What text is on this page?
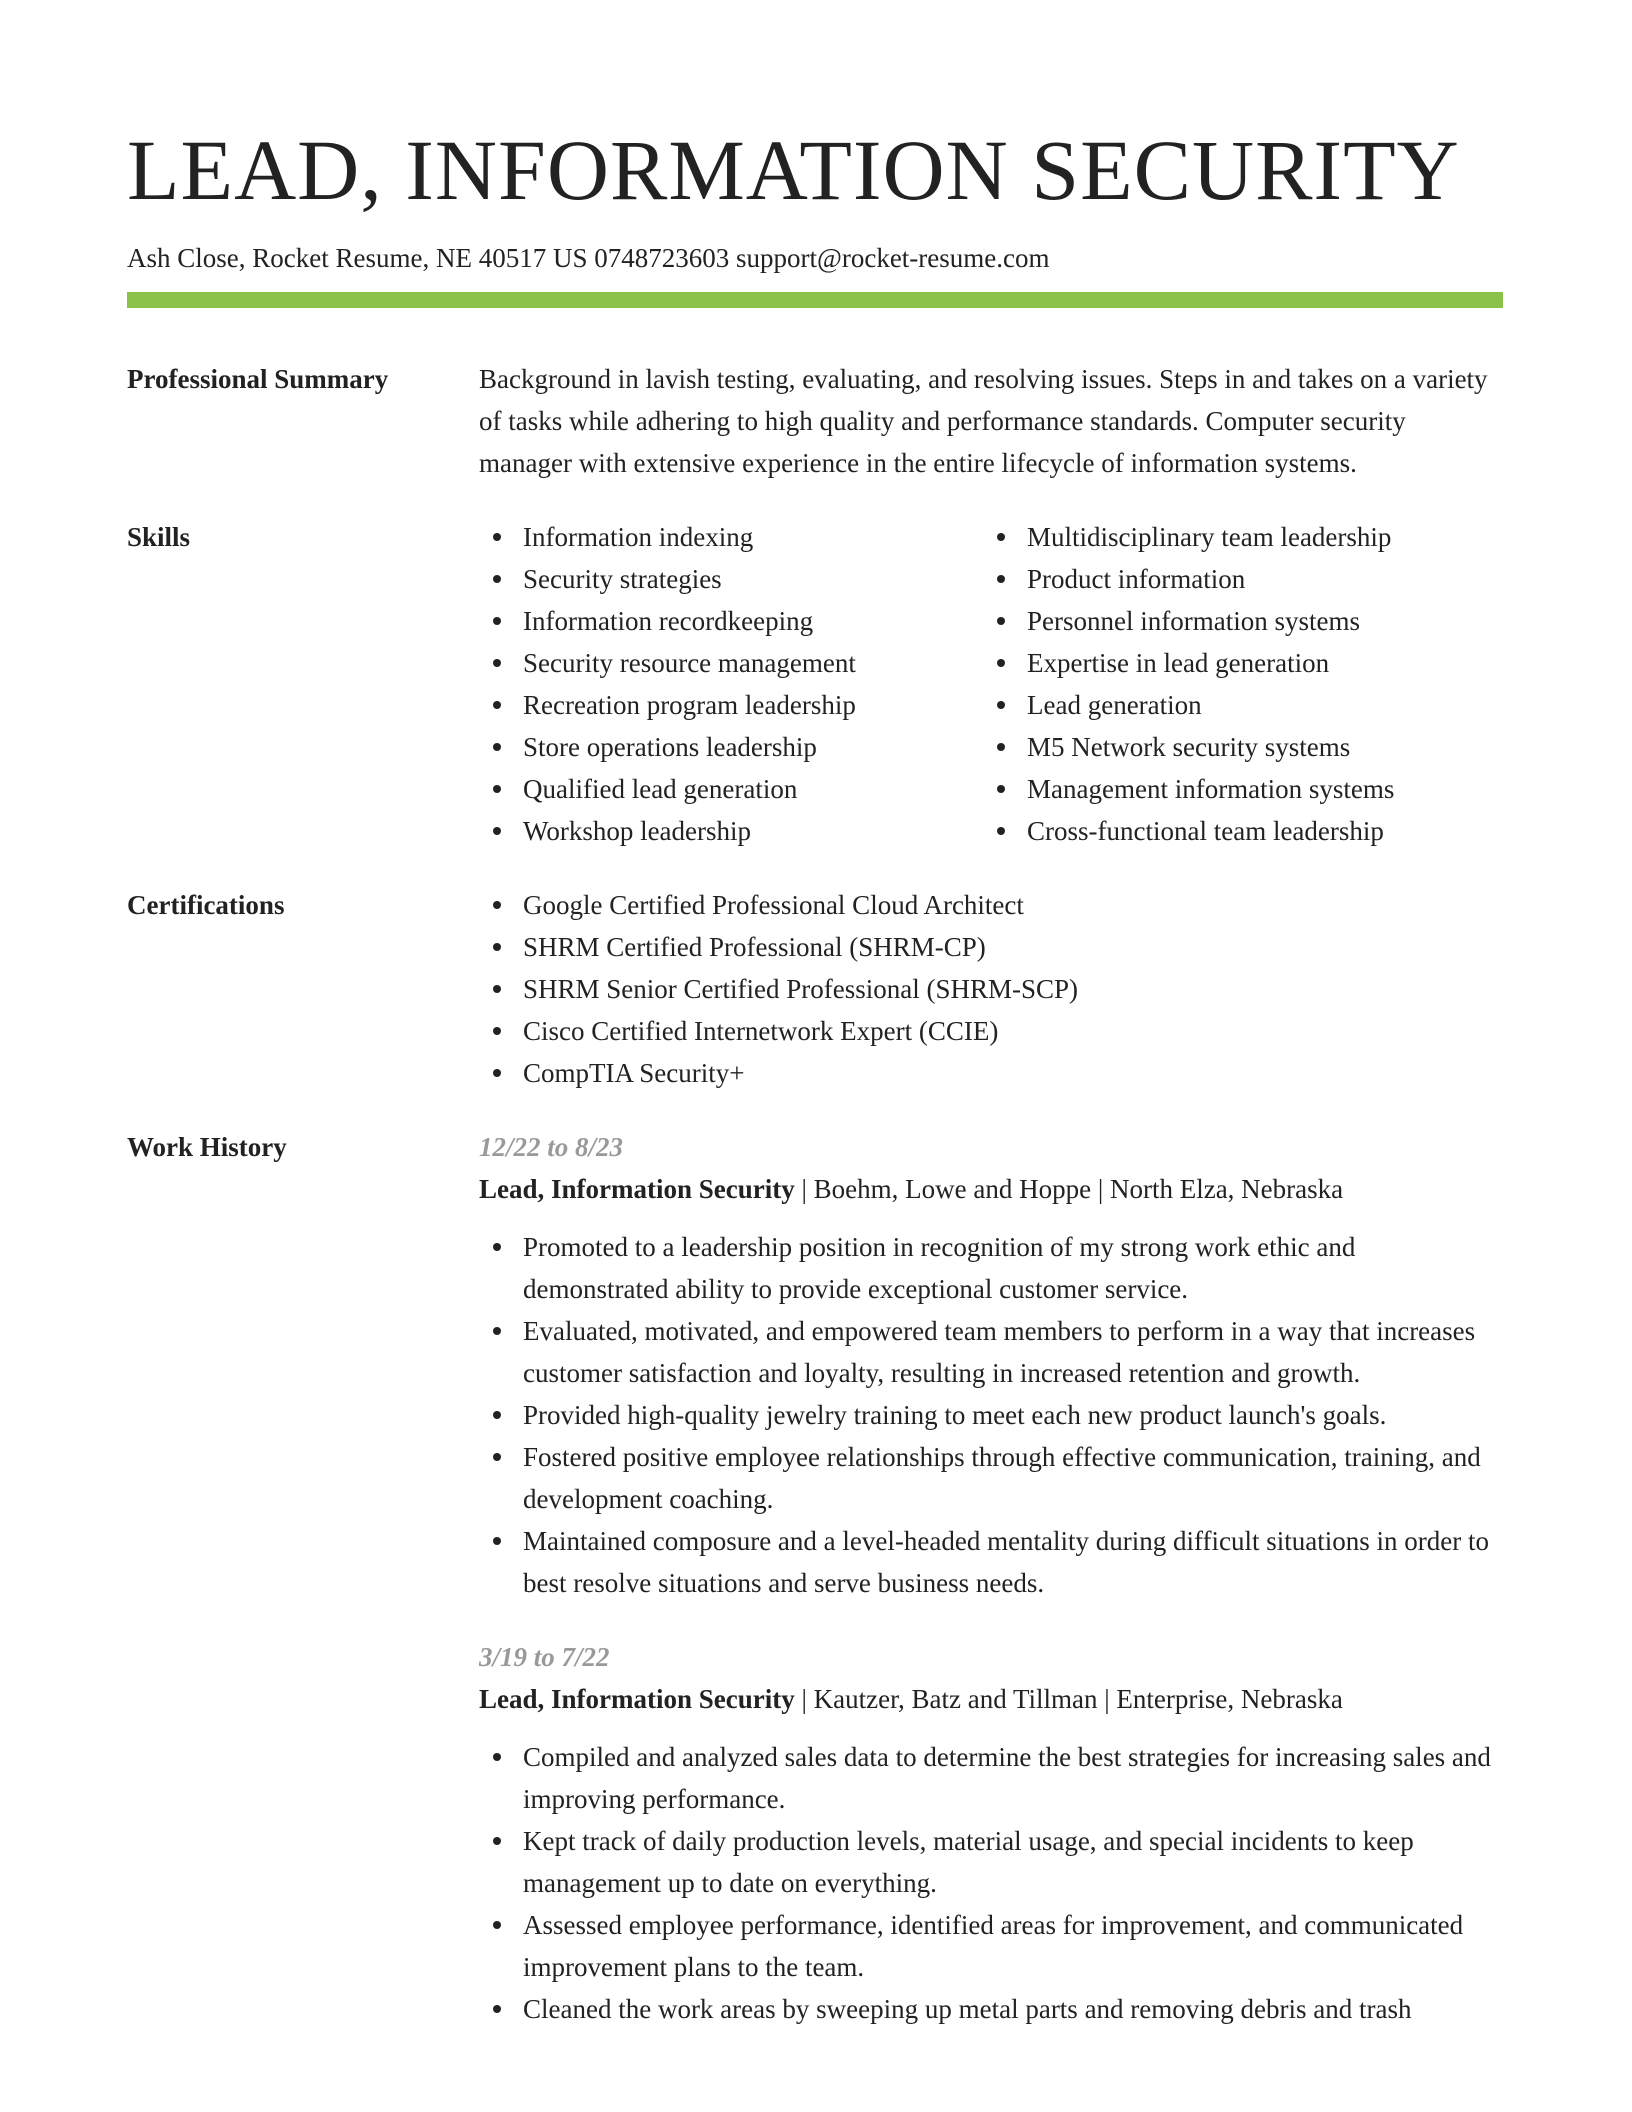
LEAD, INFORMATION SECURITY
Ash Close, Rocket Resume, NE 40517 US 0748723603 support@rocket-resume.com
Professional Summary	Background in lavish testing, evaluating, and resolving issues. Steps in and takes on a variety of tasks while adhering to high quality and performance standards. Computer security manager with extensive experience in the entire lifecycle of information systems.

Skills	Information indexing
Security strategies
Information recordkeeping
Security resource management
Recreation program leadership
Store operations leadership
Qualified lead generation
Workshop leadership
Multidisciplinary team leadership
Product information
Personnel information systems
Expertise in lead generation
Lead generation
M5 Network security systems
Management information systems
Cross-functional team leadership
Certifications	Google Certified Professional Cloud Architect
SHRM Certified Professional (SHRM-CP)
SHRM Senior Certified Professional (SHRM-SCP)
Cisco Certified Internetwork Expert (CCIE)
CompTIA Security+
Work History	12/22 to 8/23
Lead, Information Security | Boehm, Lowe and Hoppe | North Elza, Nebraska
Promoted to a leadership position in recognition of my strong work ethic and demonstrated ability to provide exceptional customer service.
Evaluated, motivated, and empowered team members to perform in a way that increases customer satisfaction and loyalty, resulting in increased retention and growth.
Provided high-quality jewelry training to meet each new product launch's goals.
Fostered positive employee relationships through effective communication, training, and development coaching.
Maintained composure and a level-headed mentality during difficult situations in order to best resolve situations and serve business needs.
3/19 to 7/22
Lead, Information Security | Kautzer, Batz and Tillman | Enterprise, Nebraska
Compiled and analyzed sales data to determine the best strategies for increasing sales and improving performance.
Kept track of daily production levels, material usage, and special incidents to keep management up to date on everything.
Assessed employee performance, identified areas for improvement, and communicated improvement plans to the team.
Cleaned the work areas by sweeping up metal parts and removing debris and trash
